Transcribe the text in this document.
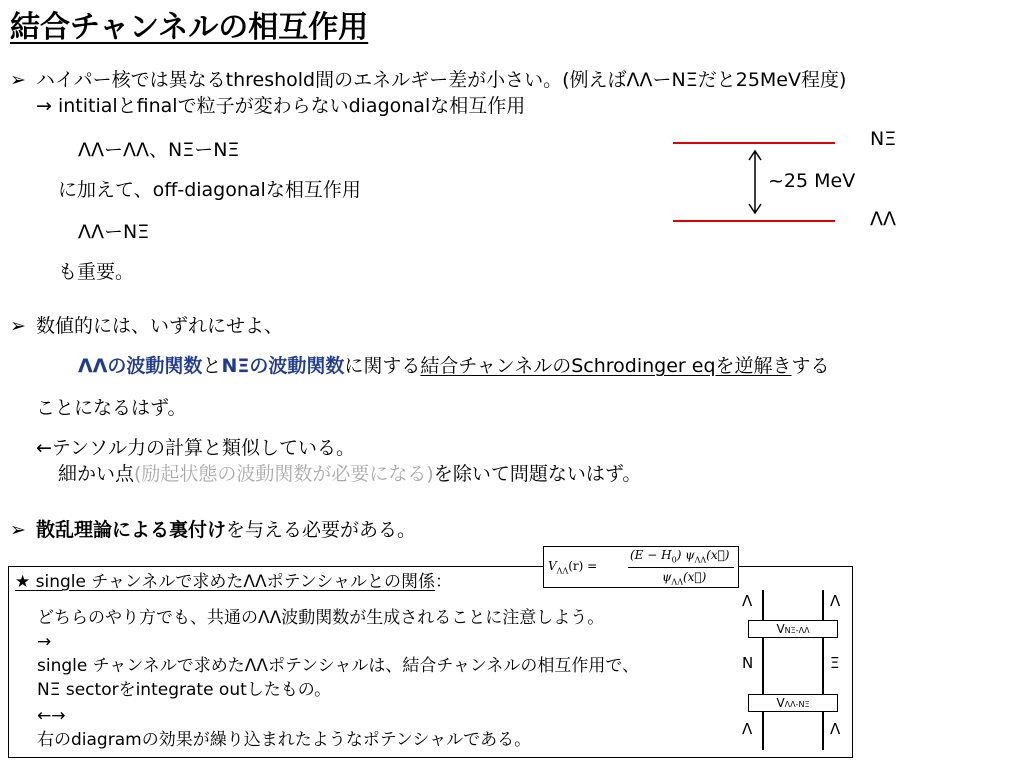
結合チャンネルの相互作用
➢ ハイパー核では異なるthreshold間のエネルギー差が小さい。(例えばΛΛーNΞだと25MeV程度)
→ intitialとfinalで粒子が変わらないdiagonalな相互作用
ΛΛーΛΛ、NΞーNΞ
に加えて、off-diagonalな相互作用
ΛΛーNΞ
も重要。
NΞ
ΛΛ
~25 MeV
➢ 数値的には、いずれにせよ、
ΛΛの波動関数とNΞの波動関数に関する結合チャンネルのSchrodinger eqを逆解きする
ことになるはず。
←テンソル力の計算と類似している。
細かい点(励起状態の波動関数が必要になる)を除いて問題ないはず。
➢ 散乱理論による裏付けを与える必要がある。
★ single チャンネルで求めたΛΛポテンシャルとの関係：
どちらのやり方でも、共通のΛΛ波動関数が生成されることに注意しよう。
→
single チャンネルで求めたΛΛポテンシャルは、結合チャンネルの相互作用で、
NΞ sectorをintegrate outしたもの。
←→
右のdiagramの効果が繰り込まれたようなポテンシャルである。
$V_{\Lambda\Lambda}(r)$ =
$(E - H_0)$ $\psi_{\Lambda\Lambda}(x⃗)$
$\psi_{\Lambda\Lambda}(x⃗)$
VNΞ-ΛΛ
VΛΛ-NΞ
Λ	Λ
N	Ξ
Λ	Λ
